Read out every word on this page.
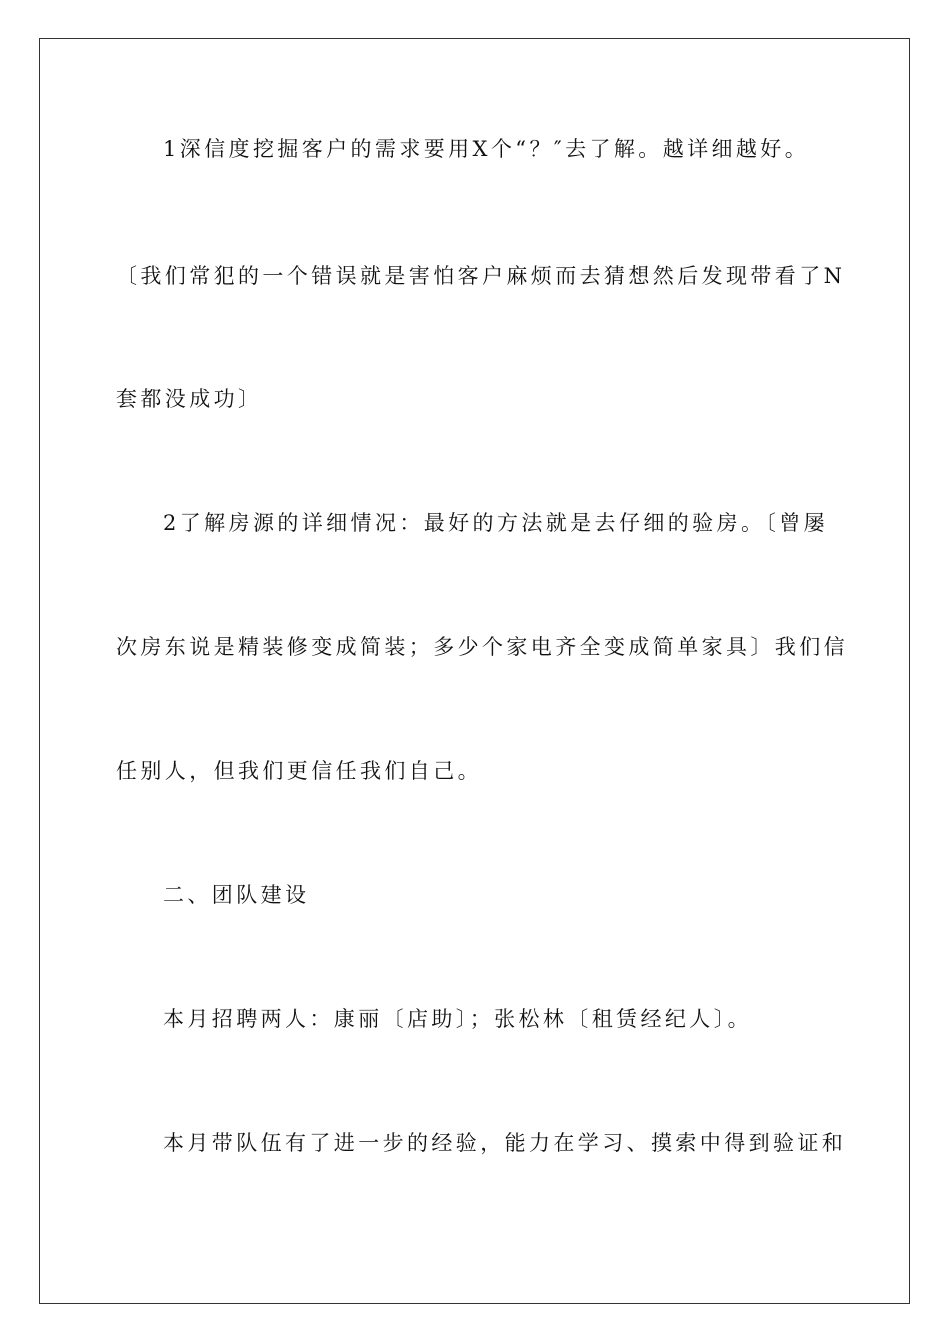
1深信度挖掘客户的需求要用X个“？″去了解。越详细越好。
〔我们常犯的一个错误就是害怕客户麻烦而去猜想然后发现带看了N
套都没成功〕
2了解房源的详细情况：最好的方法就是去仔细的验房。〔曾屡
次房东说是精装修变成简装；多少个家电齐全变成简单家具〕我们信
任别人，但我们更信任我们自己。
二、团队建设
本月招聘两人：康丽〔店助〕；张松林〔租赁经纪人〕。
本月带队伍有了进一步的经验，能力在学习、摸索中得到验证和
